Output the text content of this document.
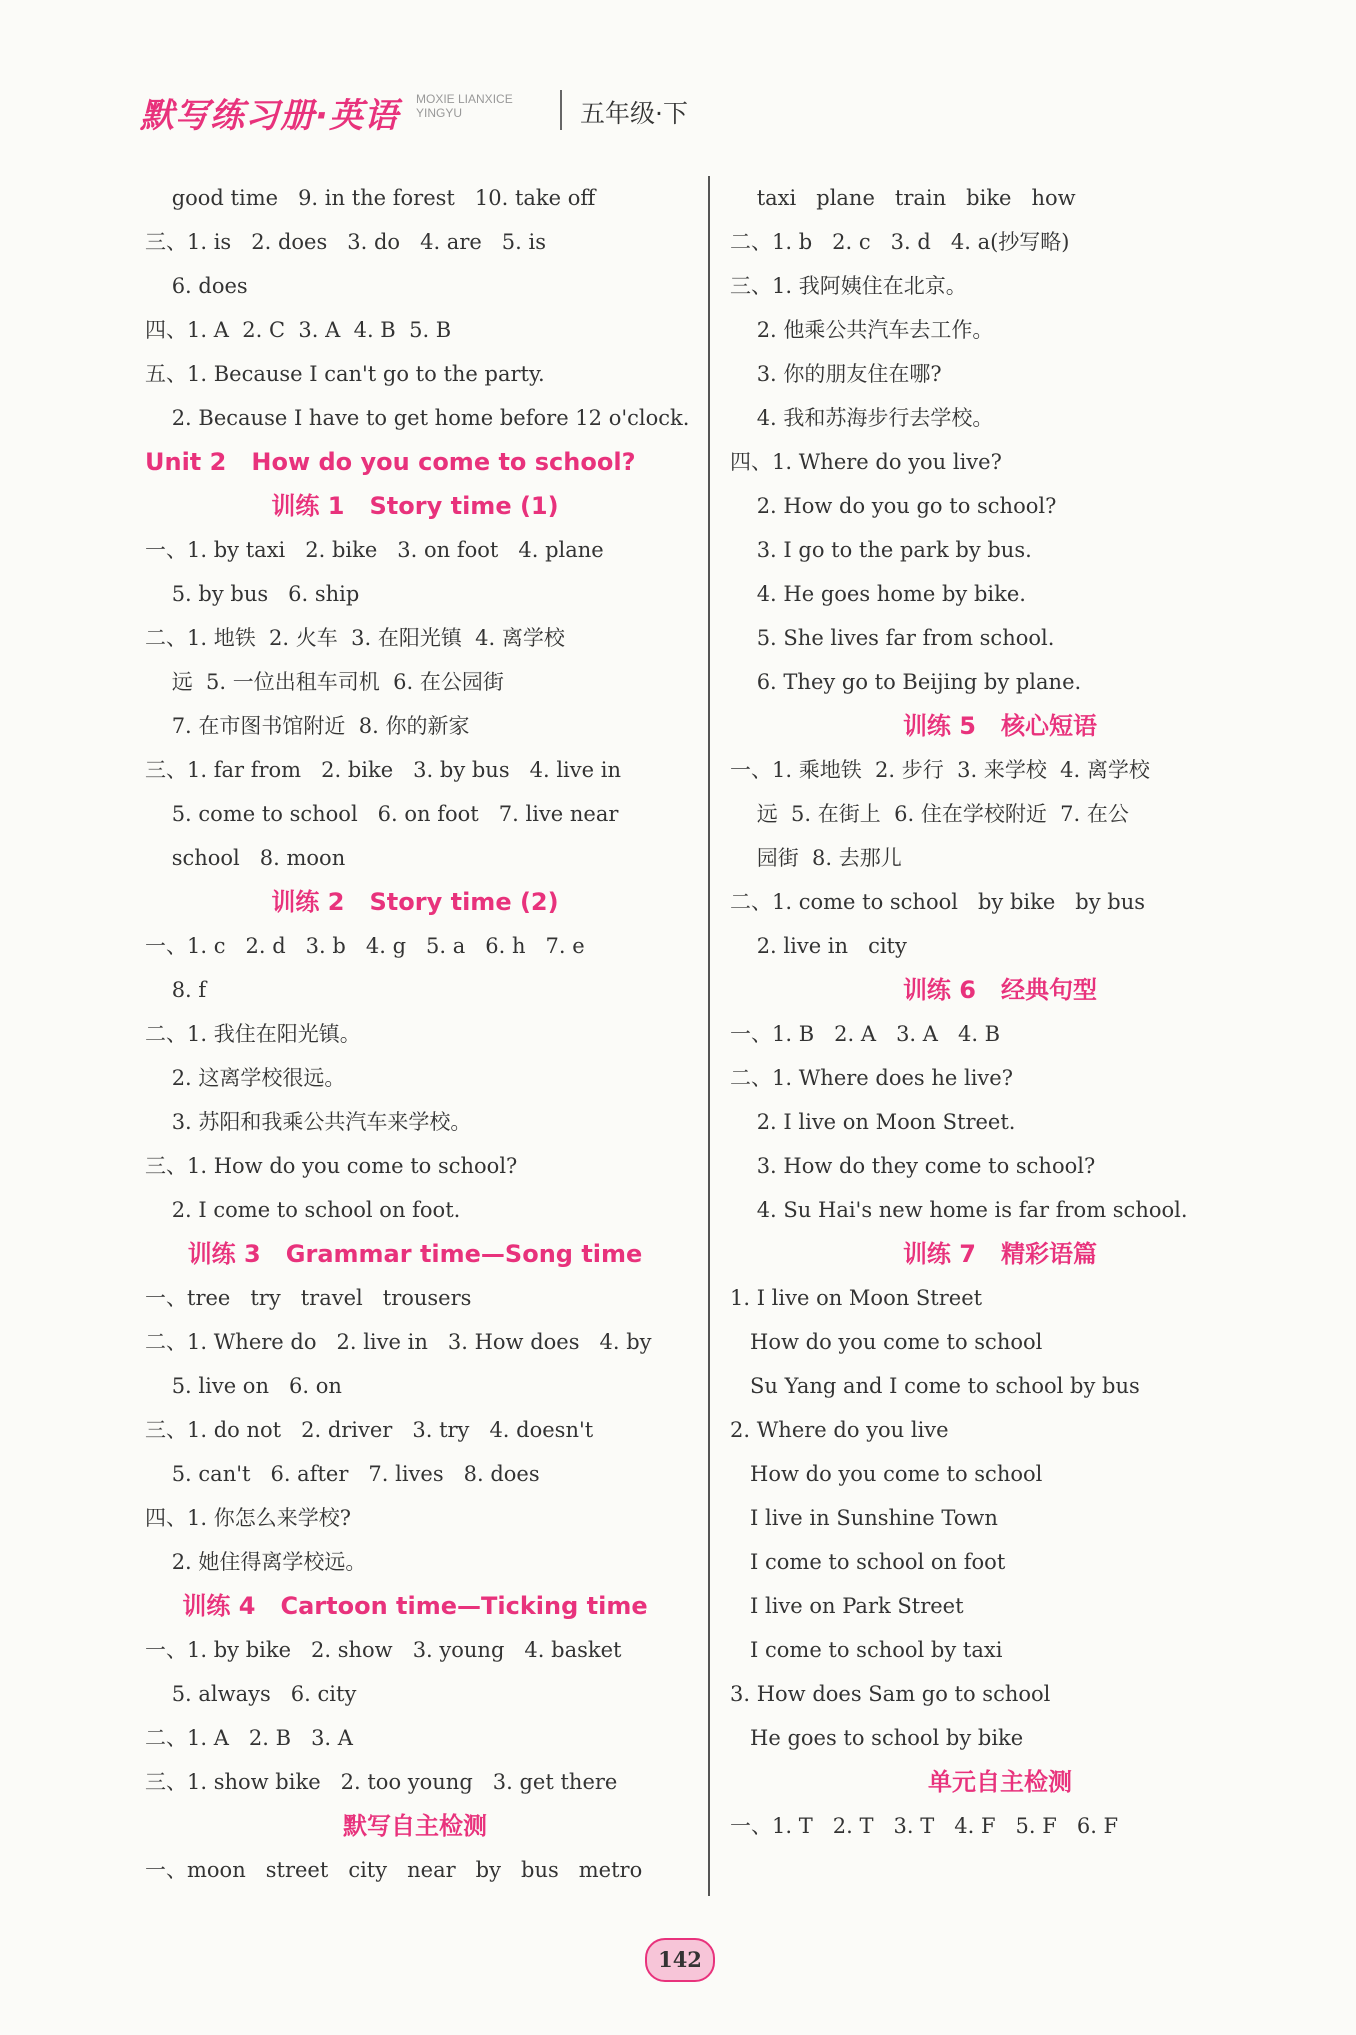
默写练习册·英语 MOXIE LIANXICE
YINGYU	五年级·下
good time   9. in the forest   10. take off
三、1. is   2. does   3. do   4. are   5. is
6. does
四、1. A  2. C  3. A  4. B  5. B
五、1. Because I can't go to the party.
2. Because I have to get home before 12 o'clock.
Unit 2   How do you come to school?
训练 1   Story time (1)
一、1. by taxi   2. bike   3. on foot   4. plane
5. by bus   6. ship
二、1. 地铁  2. 火车  3. 在阳光镇  4. 离学校
远  5. 一位出租车司机  6. 在公园街
7. 在市图书馆附近  8. 你的新家
三、1. far from   2. bike   3. by bus   4. live in
5. come to school   6. on foot   7. live near
school   8. moon
训练 2   Story time (2)
一、1. c   2. d   3. b   4. g   5. a   6. h   7. e
8. f
二、1. 我住在阳光镇。
2. 这离学校很远。
3. 苏阳和我乘公共汽车来学校。
三、1. How do you come to school?
2. I come to school on foot.
训练 3   Grammar time—Song time
一、tree   try   travel   trousers
二、1. Where do   2. live in   3. How does   4. by
5. live on   6. on
三、1. do not   2. driver   3. try   4. doesn't
5. can't   6. after   7. lives   8. does
四、1. 你怎么来学校?
2. 她住得离学校远。
训练 4   Cartoon time—Ticking time
一、1. by bike   2. show   3. young   4. basket
5. always   6. city
二、1. A   2. B   3. A
三、1. show bike   2. too young   3. get there
默写自主检测
一、moon   street   city   near   by   bus   metro
taxi   plane   train   bike   how
二、1. b   2. c   3. d   4. a(抄写略)
三、1. 我阿姨住在北京。
2. 他乘公共汽车去工作。
3. 你的朋友住在哪?
4. 我和苏海步行去学校。
四、1. Where do you live?
2. How do you go to school?
3. I go to the park by bus.
4. He goes home by bike.
5. She lives far from school.
6. They go to Beijing by plane.
训练 5   核心短语
一、1. 乘地铁  2. 步行  3. 来学校  4. 离学校
远  5. 在街上  6. 住在学校附近  7. 在公
园街  8. 去那儿
二、1. come to school   by bike   by bus
2. live in   city
训练 6   经典句型
一、1. B   2. A   3. A   4. B
二、1. Where does he live?
2. I live on Moon Street.
3. How do they come to school?
4. Su Hai's new home is far from school.
训练 7   精彩语篇
1. I live on Moon Street
How do you come to school
Su Yang and I come to school by bus
2. Where do you live
How do you come to school
I live in Sunshine Town
I come to school on foot
I live on Park Street
I come to school by taxi
3. How does Sam go to school
He goes to school by bike
单元自主检测
一、1. T   2. T   3. T   4. F   5. F   6. F
142
